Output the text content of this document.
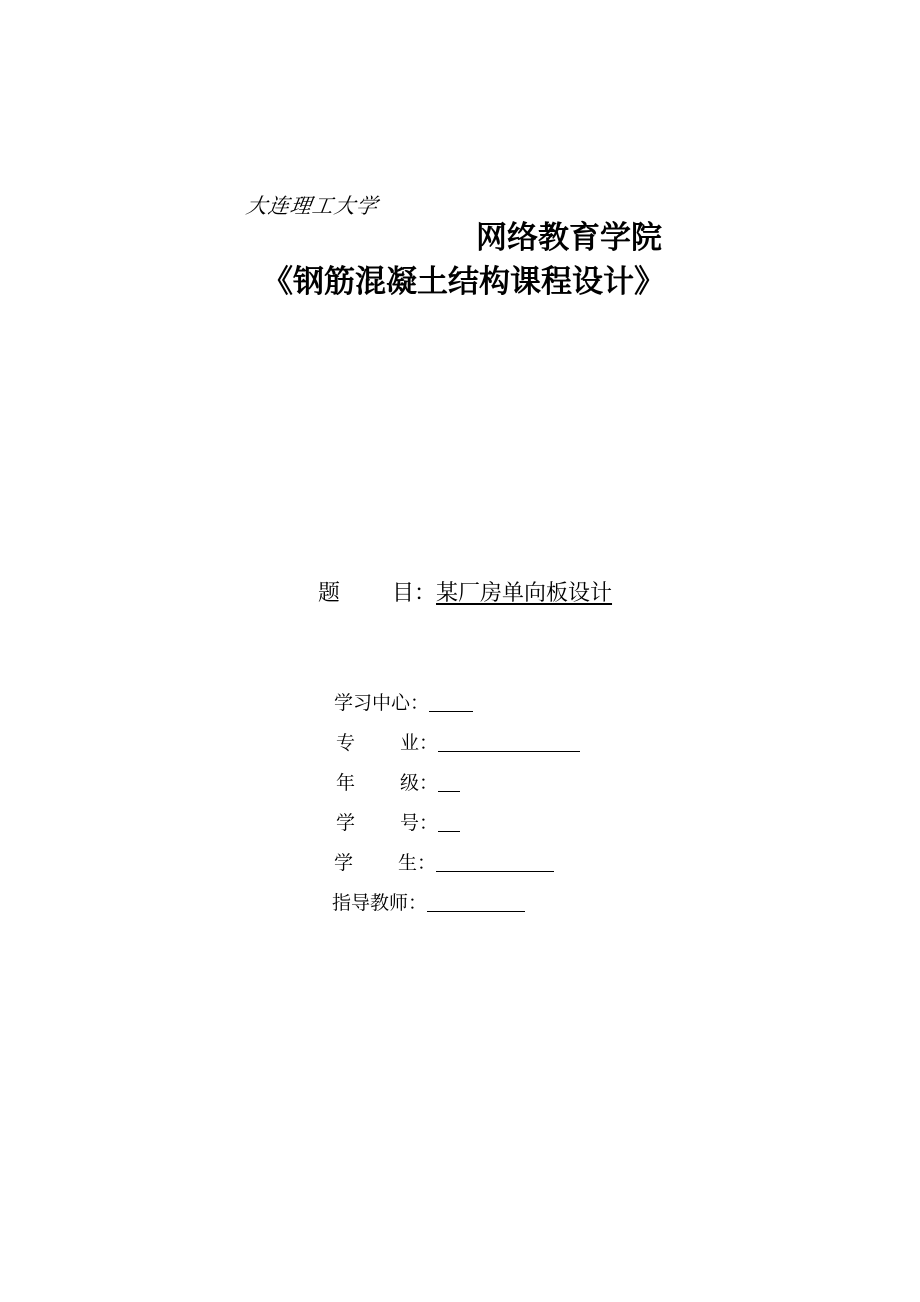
大连理工大学
网络教育学院
《钢筋混凝土结构课程设计》
题 目：某厂房单向板设计
学习中心：
专 业：
年 级：
学 号：
学 生：
指导教师：
